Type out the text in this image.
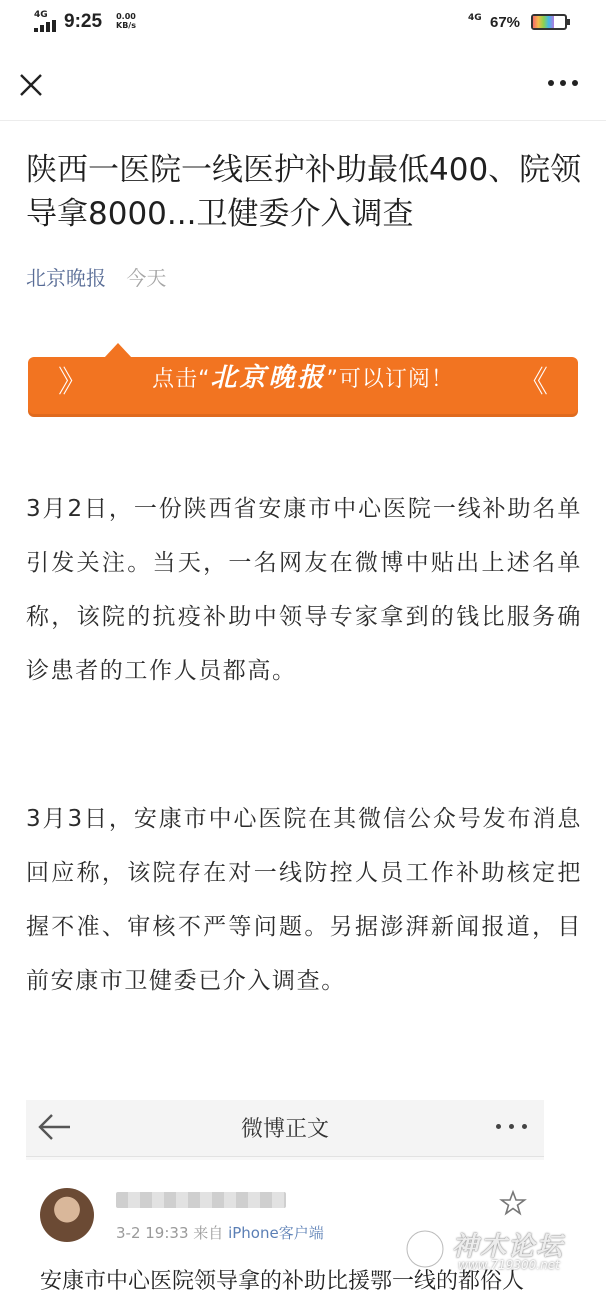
4G 9:25 0.00
KB/s
4G 67%
陕西一医院一线医护补助最低400、院领导拿8000...卫健委介入调查
北京晚报 今天
》	点击“北京晚报”可以订阅！	《

3月2日，一份陕西省安康市中心医院一线补助名单引发关注。当天，一名网友在微博中贴出上述名单称，该院的抗疫补助中领导专家拿到的钱比服务确诊患者的工作人员都高。

3月3日，安康市中心医院在其微信公众号发布消息回应称，该院存在对一线防控人员工作补助核定把握不准、审核不严等问题。另据澎湃新闻报道，目前安康市卫健委已介入调查。

微博正文
3-2 19:33 来自 iPhone客户端
安康市中心医院领导拿的补助比援鄂一线的都俗人
神木论坛
www.719300.net
